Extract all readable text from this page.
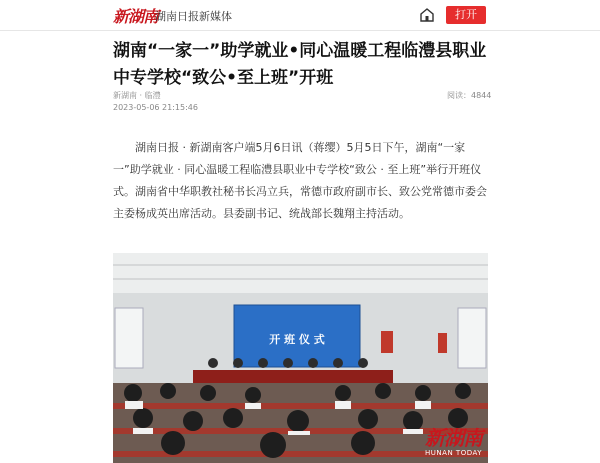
新湖南
湖南日报新媒体	打开
湖南“一家一”助学就业•同心温暖工程临澧县职业中专学校“致公•至上班”开班
新湖南 · 临澧
2023-05-06 21:15:46
阅读：4844

湖南日报 · 新湖南客户端5月6日讯（蒋缨）5月5日下午，湖南“一家一”助学就业 · 同心温暖工程临澧县职业中专学校“致公 · 至上班”举行开班仪式。湖南省中华职教社秘书长冯立兵，常德市政府副市长、致公党常德市委会主委杨成英出席活动。县委副书记、统战部长魏翔主持活动。

开 班 仪 式
新湖南
HUNAN TODAY
